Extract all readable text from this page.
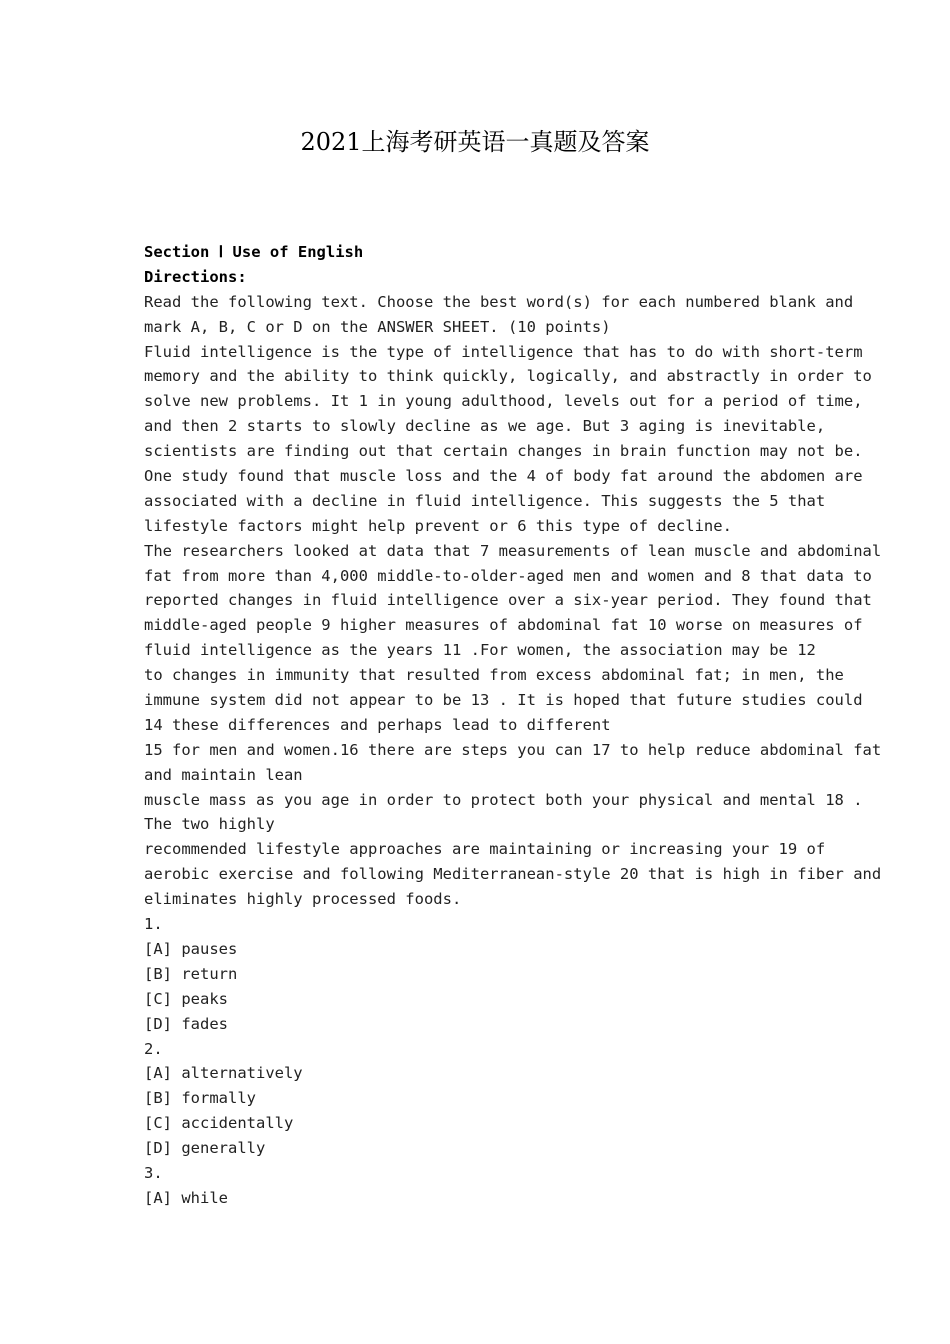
2021上海考研英语一真题及答案
Section Ⅰ Use of English
Directions:
Read the following text. Choose the best word(s) for each numbered blank and
mark A, B, C or D on the ANSWER SHEET. (10 points)
Fluid intelligence is the type of intelligence that has to do with short-term
memory and the ability to think quickly, logically, and abstractly in order to
solve new problems. It 1 in young adulthood, levels out for a period of time,
and then 2 starts to slowly decline as we age. But 3 aging is inevitable,
scientists are finding out that certain changes in brain function may not be.
One study found that muscle loss and the 4 of body fat around the abdomen are
associated with a decline in fluid intelligence. This suggests the 5 that
lifestyle factors might help prevent or 6 this type of decline.
The researchers looked at data that 7 measurements of lean muscle and abdominal
fat from more than 4,000 middle-to-older-aged men and women and 8 that data to
reported changes in fluid intelligence over a six-year period. They found that
middle-aged people 9 higher measures of abdominal fat 10 worse on measures of
fluid intelligence as the years 11 .For women, the association may be 12
to changes in immunity that resulted from excess abdominal fat; in men, the
immune system did not appear to be 13 . It is hoped that future studies could
14 these differences and perhaps lead to different
15 for men and women.16 there are steps you can 17 to help reduce abdominal fat
and maintain lean
muscle mass as you age in order to protect both your physical and mental 18 .
The two highly
recommended lifestyle approaches are maintaining or increasing your 19 of
aerobic exercise and following Mediterranean-style 20 that is high in fiber and
eliminates highly processed foods.
1.
[A] pauses
[B] return
[C] peaks
[D] fades
2.
[A] alternatively
[B] formally
[C] accidentally
[D] generally
3.
[A] while
